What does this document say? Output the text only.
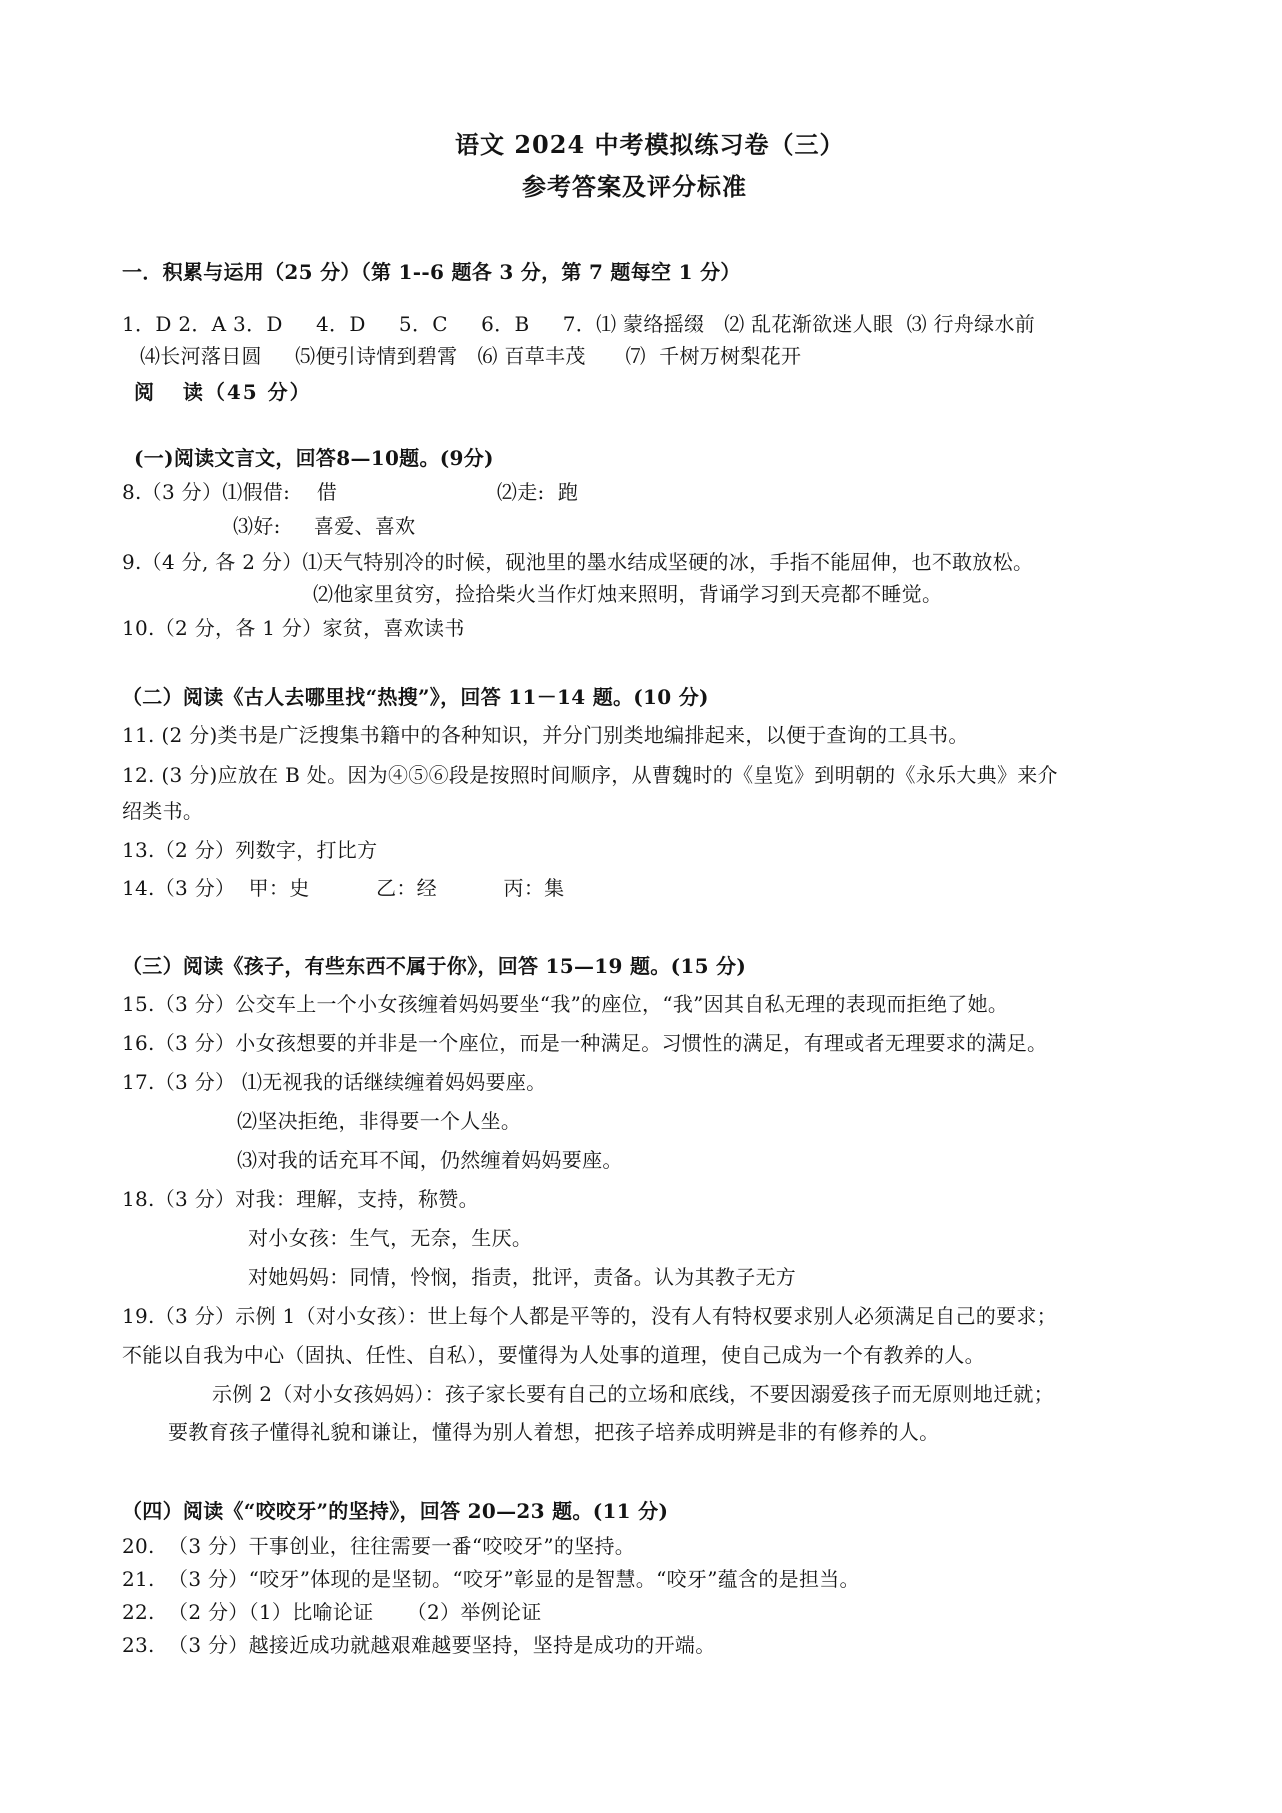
语文 2024 中考模拟练习卷（三）
参考答案及评分标准
一．积累与运用（25 分）（第 1--6 题各 3 分，第 7 题每空 1 分）
1．D 2．A 3．D     4．D     5．C     6．B     7．⑴ 蒙络摇缀   ⑵ 乱花渐欲迷人眼  ⑶ 行舟绿水前
⑷长河落日圆     ⑸便引诗情到碧霄   ⑹ 百草丰茂      ⑺  千树万树梨花开
阅   读（45 分）
(一)阅读文言文，回答8—10题。(9分)
8.（3 分）⑴假借:    借                        ⑵走:  跑
⑶好:     喜爱、喜欢
9.（4 分, 各 2 分）⑴天气特别冷的时候，砚池里的墨水结成坚硬的冰，手指不能屈伸，也不敢放松。
⑵他家里贫穷，捡拾柴火当作灯烛来照明，背诵学习到天亮都不睡觉。
10.（2 分，各 1 分）家贫，喜欢读书
（二）阅读《古人去哪里找“热搜”》，回答 11－14 题。(10 分)
11. (2 分)类书是广泛搜集书籍中的各种知识，并分门别类地编排起来，以便于查询的工具书。
12. (3 分)应放在 B 处。因为④⑤⑥段是按照时间顺序，从曹魏时的《皇览》到明朝的《永乐大典》来介
绍类书。
13.（2 分）列数字，打比方
14.（3 分）  甲：史          乙：经          丙：集
（三）阅读《孩子，有些东西不属于你》，回答 15—19 题。(15 分)
15.（3 分）公交车上一个小女孩缠着妈妈要坐“我”的座位，“我”因其自私无理的表现而拒绝了她。
16.（3 分）小女孩想要的并非是一个座位，而是一种满足。习惯性的满足，有理或者无理要求的满足。
17.（3 分） ⑴无视我的话继续缠着妈妈要座。
⑵坚决拒绝，非得要一个人坐。
⑶对我的话充耳不闻，仍然缠着妈妈要座。
18.（3 分）对我：理解，支持，称赞。
对小女孩：生气，无奈，生厌。
对她妈妈：同情，怜悯，指责，批评，责备。认为其教子无方
19.（3 分）示例 1（对小女孩）：世上每个人都是平等的，没有人有特权要求别人必须满足自己的要求；
不能以自我为中心（固执、任性、自私），要懂得为人处事的道理，使自己成为一个有教养的人。
示例 2（对小女孩妈妈）：孩子家长要有自己的立场和底线，不要因溺爱孩子而无原则地迁就；
要教育孩子懂得礼貌和谦让，懂得为别人着想，把孩子培养成明辨是非的有修养的人。
（四）阅读《“咬咬牙”的坚持》，回答 20—23 题。(11 分)
20.  （3 分）干事创业，往往需要一番“咬咬牙”的坚持。
21.  （3 分）“咬牙”体现的是坚韧。“咬牙”彰显的是智慧。“咬牙”蕴含的是担当。
22.  （2 分）（1）比喻论证     （2）举例论证
23.  （3 分）越接近成功就越艰难越要坚持，坚持是成功的开端。
